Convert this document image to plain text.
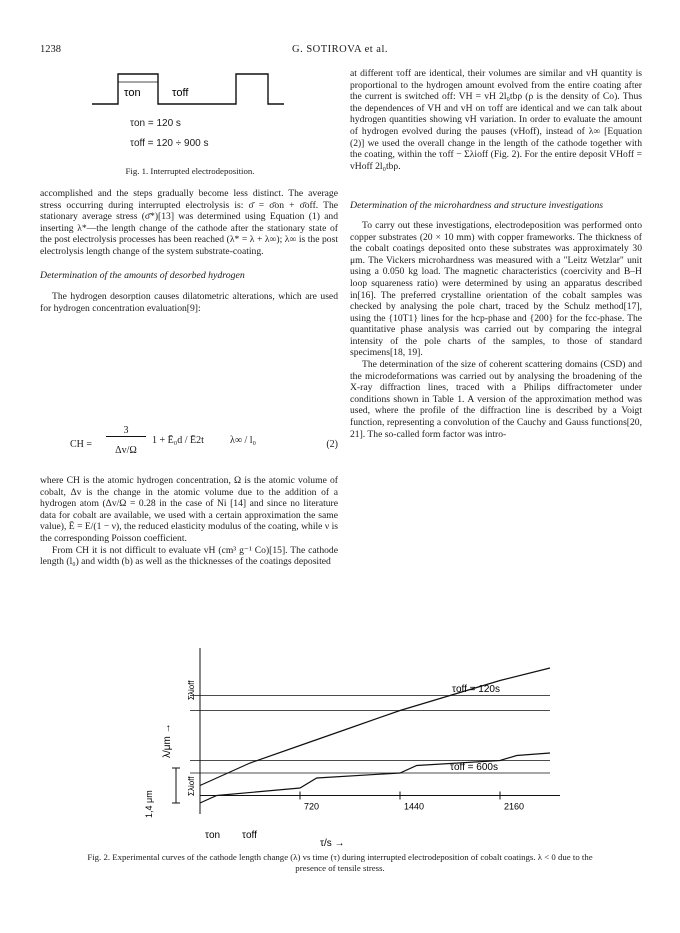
1238	G. SOTIROVA et al.
τon	τoff
τon = 120 s
τoff = 120 ÷ 900 s
Fig. 1. Interrupted electrodeposition.

accomplished and the steps gradually become less distinct. The average stress occurring during interrupted electrolysis is: σ̄ = σ̄on + σ̄off. The stationary average stress (σ̄*)[13] was determined using Equation (1) and inserting λ*—the length change of the cathode after the stationary state of the post electrolysis processes has been reached (λ* = λ + λ∞); λ∞ is the post electrolysis length change of the system substrate-coating.

Determination of the amounts of desorbed hydrogen

The hydrogen desorption causes dilatometric alterations, which are used for hydrogen concentration evaluation[9]:

CH =
3
Δv/Ω
1 + Ē₀d / Ē2t	λ∞ / l₀	(2)

where CH is the atomic hydrogen concentration, Ω is the atomic volume of cobalt, Δv is the change in the atomic volume due to the addition of a hydrogen atom (Δv/Ω = 0.28 in the case of Ni [14] and since no literature data for cobalt are available, we used with a certain approximation the same value), Ē = E/(1 − ν), the reduced elasticity modulus of the coating, while ν is the corresponding Poisson coefficient.

From CH it is not difficult to evaluate vH (cm³ g⁻¹ Co)[15]. The cathode length (l₀) and width (b) as well as the thicknesses of the coatings deposited

at different τoff are identical, their volumes are similar and vH quantity is proportional to the hydrogen amount evolved from the entire coating after the current is switched off: VH = vH 2l₀tbρ (ρ is the density of Co). Thus the dependences of VH and vH on τoff are identical and we can talk about hydrogen quantities showing vH variation. In order to evaluate the amount of hydrogen evolved during the pauses (vHoff), instead of λ∞ [Equation (2)] we used the overall change in the length of the cathode together with the coating, within the τoff − Σλioff (Fig. 2). For the entire deposit VHoff = vHoff 2l₀tbρ.

Determination of the microhardness and structure investigations

To carry out these investigations, electrodeposition was performed onto copper substrates (20 × 10 mm) with copper frameworks. The thickness of the cobalt coatings deposited onto these substrates was approximately 30 μm. The Vickers microhardness was measured with a "Leitz Wetzlar" unit using a 0.050 kg load. The magnetic characteristics (coercivity and B–H loop squareness ratio) were determined by using an apparatus described in[16]. The preferred crystalline orientation of the cobalt samples was checked by analysing the pole chart, traced by the Schulz method[17], using the {10T1} lines for the hcp-phase and {200} for the fcc-phase. The quantitative phase analysis was carried out by comparing the integral intensity of the pole charts of the samples, to those of standard specimens[18, 19].

The determination of the size of coherent scattering domains (CSD) and the microdeformations was carried out by analysing the broadening of the X-ray diffraction lines, traced with a Philips diffractometer under conditions shown in Table 1. A version of the approximation method was used, where the profile of the diffraction line is described by a Voigt function, representing a convolution of the Cauchy and Gauss functions[20, 21]. The so-called form factor was intro-

720	1440	2160
λ/μm →
1,4 μm
Σλioff
Σλioff
τoff = 120s
τoff = 600s
τon τoff
τ/s →
Fig. 2. Experimental curves of the cathode length change (λ) vs time (τ) during interrupted electrodeposition of cobalt coatings. λ < 0 due to the presence of tensile stress.
